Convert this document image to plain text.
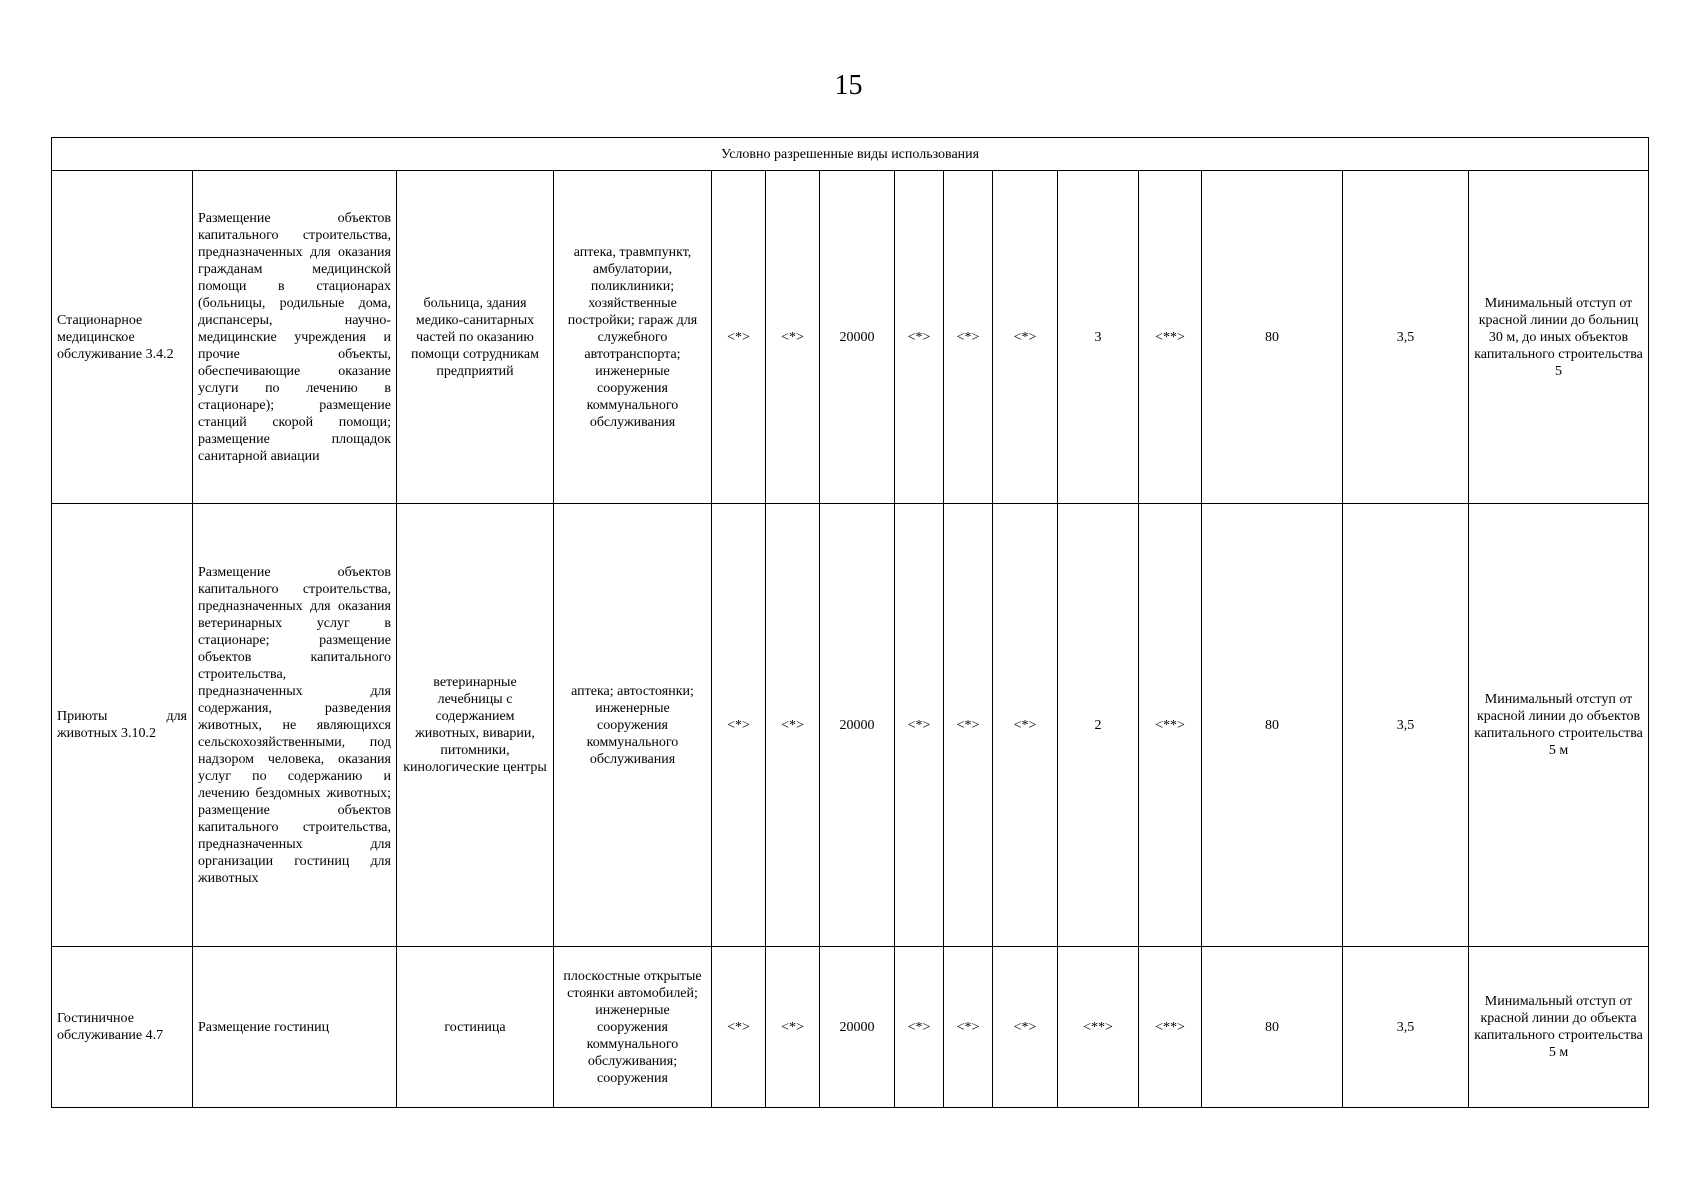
15
Условно разрешенные виды использования														
Стационарное медицинское обслуживание 3.4.2	Размещение объектов капитального строительства, предназначенных для оказания гражданам медицинской помощи в стационарах (больницы, родильные дома, диспансеры, научно-медицинские учреждения и прочие объекты, обеспечивающие оказание услуги по лечению в стационаре); размещение станций скорой помощи; размещение площадок санитарной авиации	больница, здания медико-санитарных частей по оказанию помощи сотрудникам предприятий	аптека, травмпункт, амбулатории, поликлиники; хозяйственные постройки; гараж для служебного автотранспорта; инженерные сооружения коммунального обслуживания	<*>	<*>	20000	<*>	<*>	<*>	3	<**>	80	3,5	Минимальный отступ от красной линии до больниц 30 м, до иных объектов капитального строительства 5
Приюты для животных 3.10.2	Размещение объектов капитального строительства, предназначенных для оказания ветеринарных услуг в стационаре; размещение объектов капитального строительства, предназначенных для содержания, разведения животных, не являющихся сельскохозяйственными, под надзором человека, оказания услуг по содержанию и лечению бездомных животных; размещение объектов капитального строительства, предназначенных для организации гостиниц для животных	ветеринарные лечебницы с содержанием животных, виварии, питомники, кинологические центры	аптека; автостоянки; инженерные сооружения коммунального обслуживания	<*>	<*>	20000	<*>	<*>	<*>	2	<**>	80	3,5	Минимальный отступ от красной линии до объектов капитального строительства 5 м
Гостиничное обслуживание 4.7	Размещение гостиниц	гостиница	плоскостные открытые стоянки автомобилей; инженерные сооружения коммунального обслуживания; сооружения	<*>	<*>	20000	<*>	<*>	<*>	<**>	<**>	80	3,5	Минимальный отступ от красной линии до объекта капитального строительства 5 м
